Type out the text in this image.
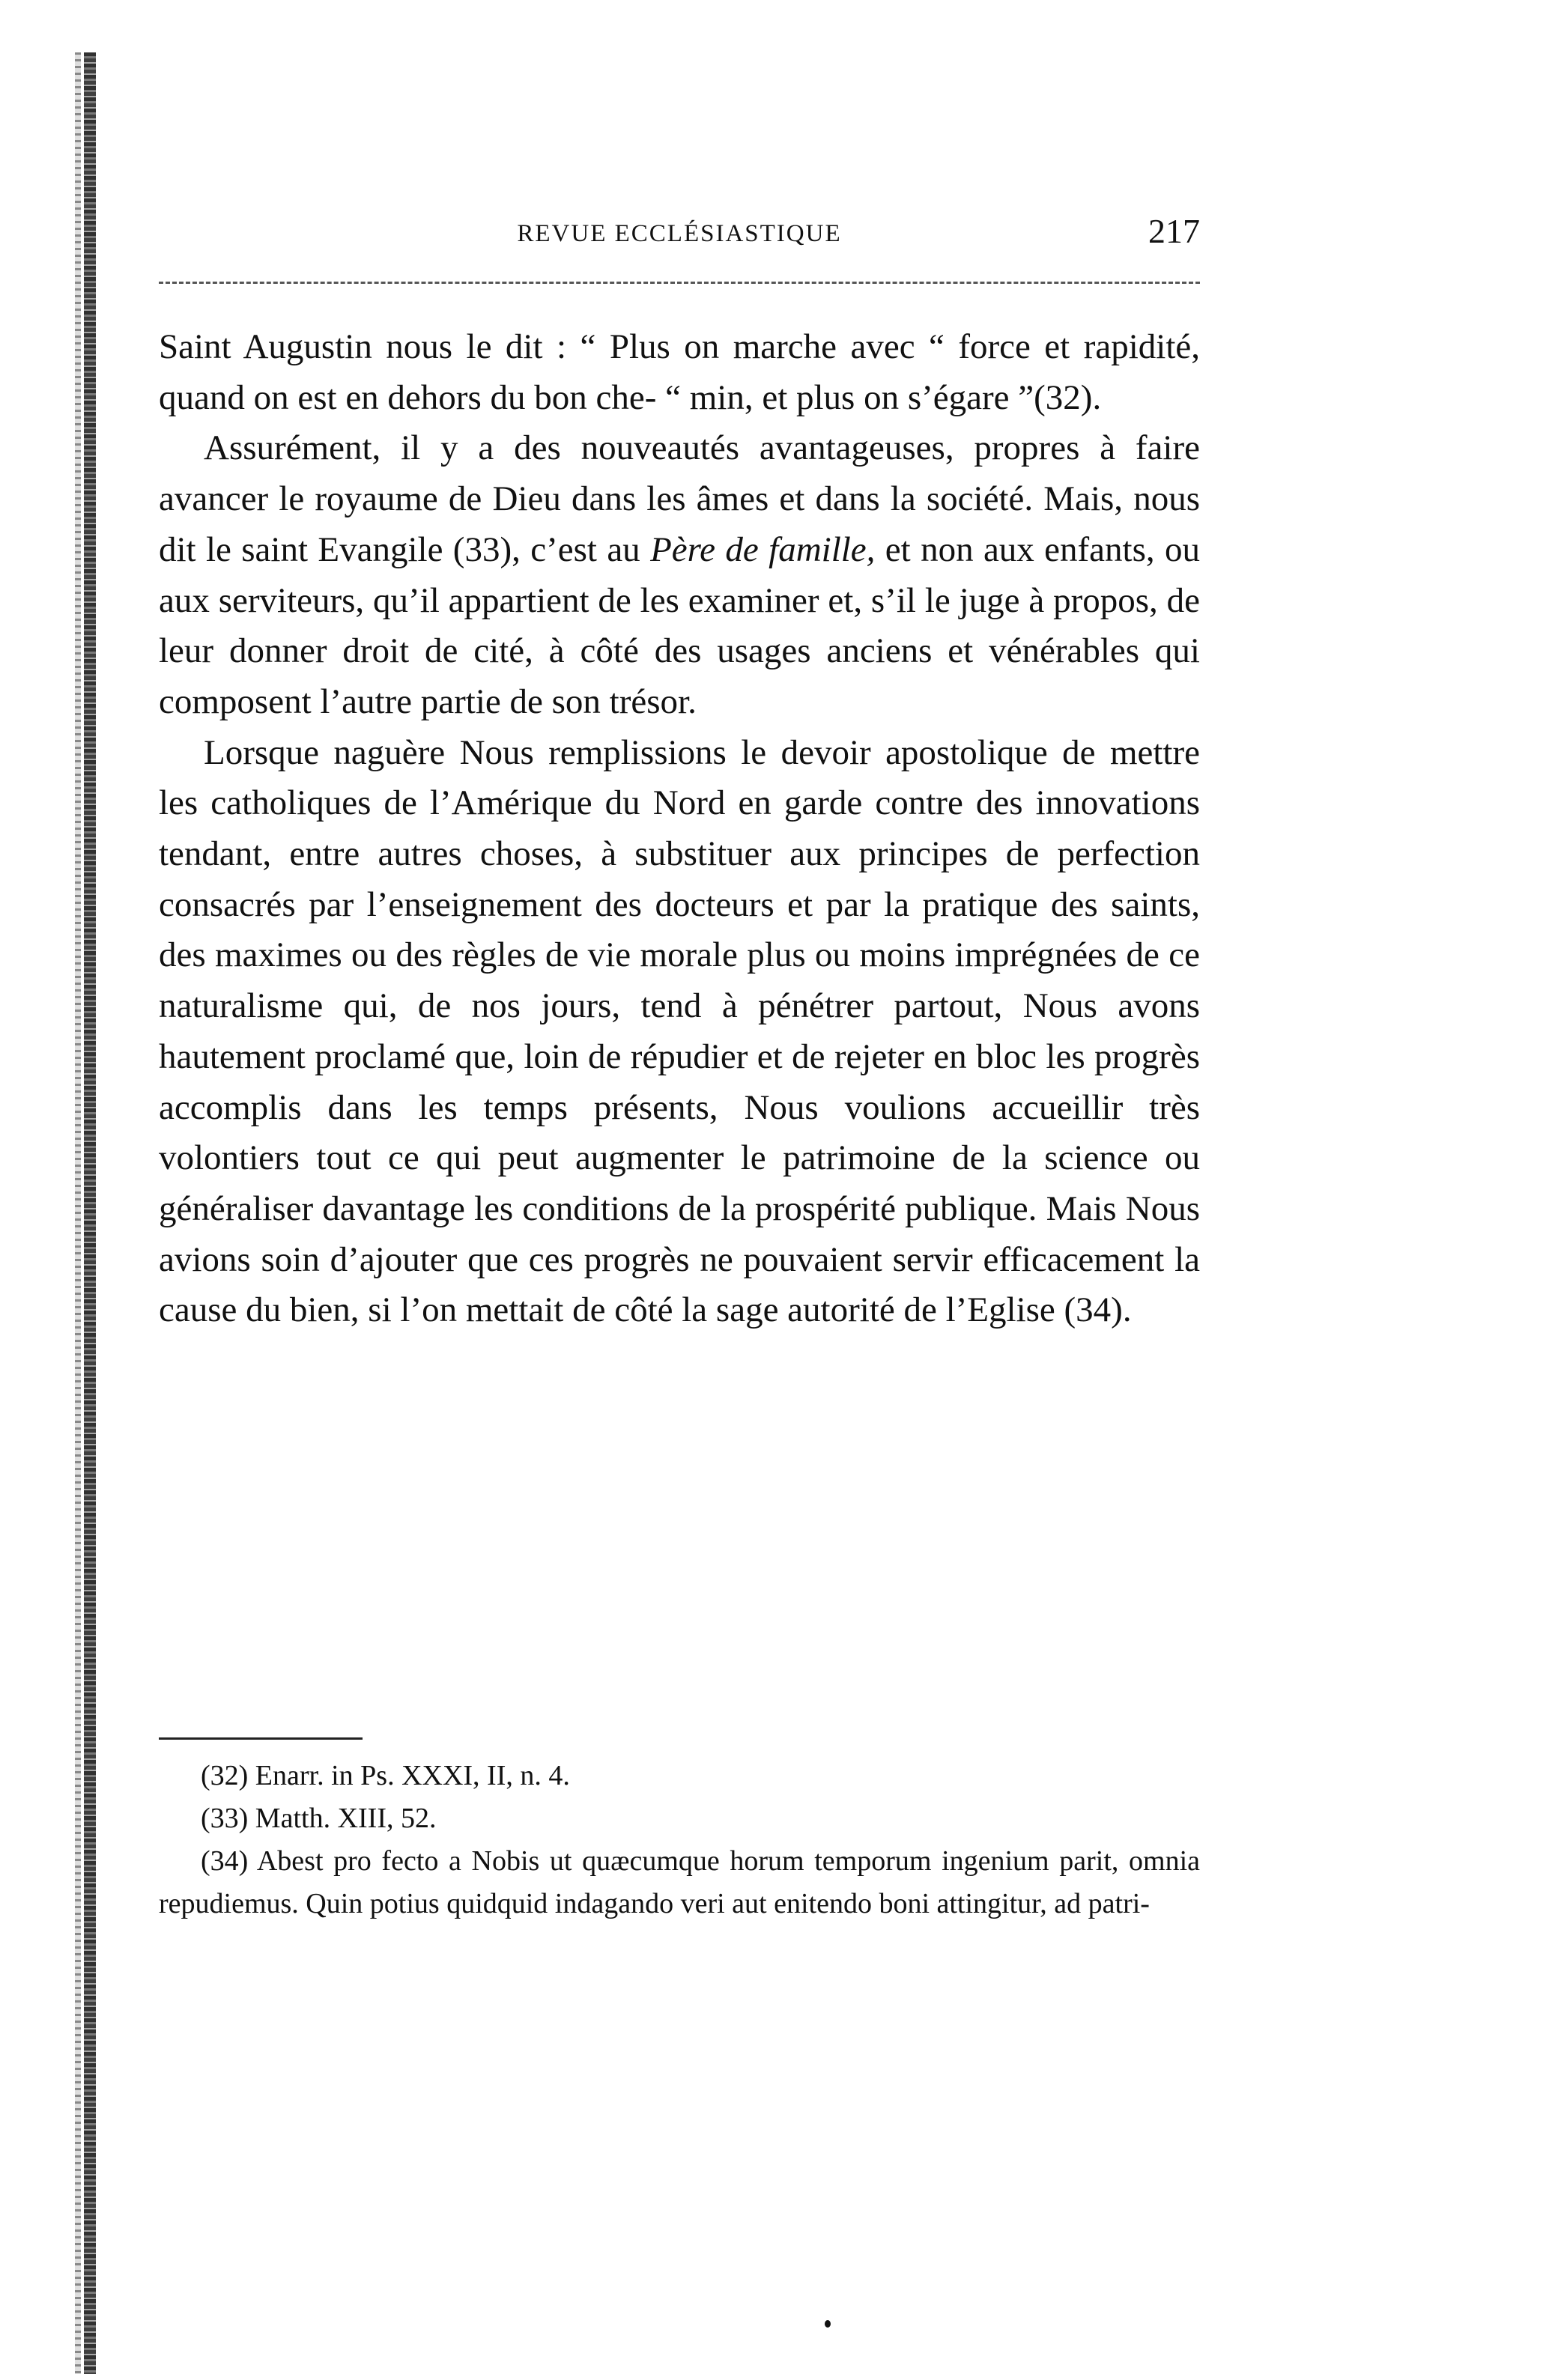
REVUE ECCLÉSIASTIQUE	217

Saint Augustin nous le dit : “ Plus on marche avec “ force et rapidité, quand on est en dehors du bon che- “ min, et plus on s’égare ”(32).

Assurément, il y a des nouveautés avantageuses, propres à faire avancer le royaume de Dieu dans les âmes et dans la société. Mais, nous dit le saint Evangile (33), c’est au Père de famille, et non aux enfants, ou aux serviteurs, qu’il appartient de les examiner et, s’il le juge à propos, de leur donner droit de cité, à côté des usages anciens et vénérables qui composent l’autre partie de son trésor.

Lorsque naguère Nous remplissions le devoir apostolique de mettre les catholiques de l’Amérique du Nord en garde contre des innovations tendant, entre autres choses, à substituer aux principes de perfection consacrés par l’enseignement des docteurs et par la pratique des saints, des maximes ou des règles de vie morale plus ou moins imprégnées de ce naturalisme qui, de nos jours, tend à pénétrer partout, Nous avons hautement proclamé que, loin de répudier et de rejeter en bloc les progrès accomplis dans les temps présents, Nous voulions accueillir très volontiers tout ce qui peut augmenter le patrimoine de la science ou généraliser davantage les conditions de la prospérité publique. Mais Nous avions soin d’ajouter que ces progrès ne pouvaient servir efficacement la cause du bien, si l’on mettait de côté la sage autorité de l’Eglise (34).

(32) Enarr. in Ps. XXXI, II, n. 4.

(33) Matth. XIII, 52.

(34) Abest pro fecto a Nobis ut quæcumque horum temporum ingenium parit, omnia repudiemus. Quin potius quidquid indagando veri aut enitendo boni attingitur, ad patri-
